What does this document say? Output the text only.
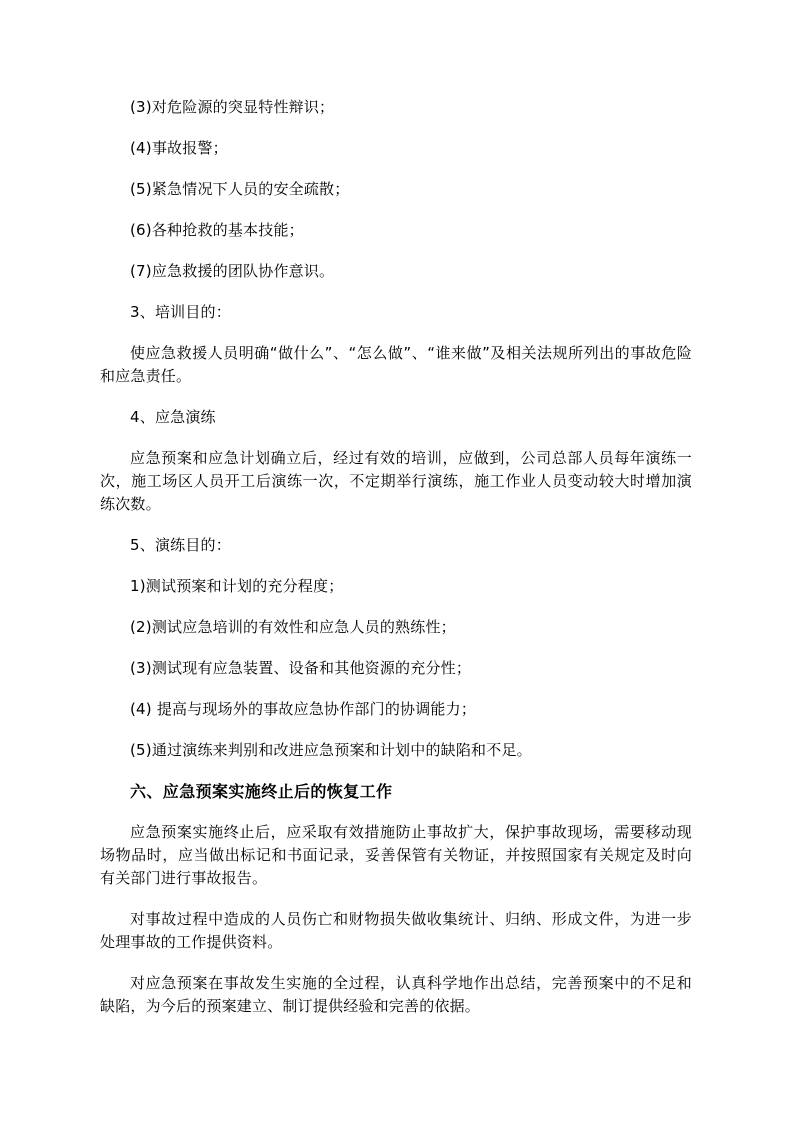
(3)对危险源的突显特性辩识；

(4)事故报警；

(5)紧急情况下人员的安全疏散；

(6)各种抢救的基本技能；

(7)应急救援的团队协作意识。

3、培训目的：

使应急救援人员明确“做什么”、“怎么做”、“谁来做”及相关法规所列出的事故危险和应急责任。

4、应急演练

应急预案和应急计划确立后，经过有效的培训，应做到，公司总部人员每年演练一次，施工场区人员开工后演练一次，不定期举行演练，施工作业人员变动较大时增加演练次数。

5、演练目的：

1)测试预案和计划的充分程度；

(2)测试应急培训的有效性和应急人员的熟练性；

(3)测试现有应急装置、设备和其他资源的充分性；

(4) 提高与现场外的事故应急协作部门的协调能力；

(5)通过演练来判别和改进应急预案和计划中的缺陷和不足。

六、应急预案实施终止后的恢复工作

应急预案实施终止后，应采取有效措施防止事故扩大，保护事故现场，需要移动现场物品时，应当做出标记和书面记录，妥善保管有关物证，并按照国家有关规定及时向有关部门进行事故报告。

对事故过程中造成的人员伤亡和财物损失做收集统计、归纳、形成文件，为进一步处理事故的工作提供资料。

对应急预案在事故发生实施的全过程，认真科学地作出总结，完善预案中的不足和缺陷，为今后的预案建立、制订提供经验和完善的依据。
